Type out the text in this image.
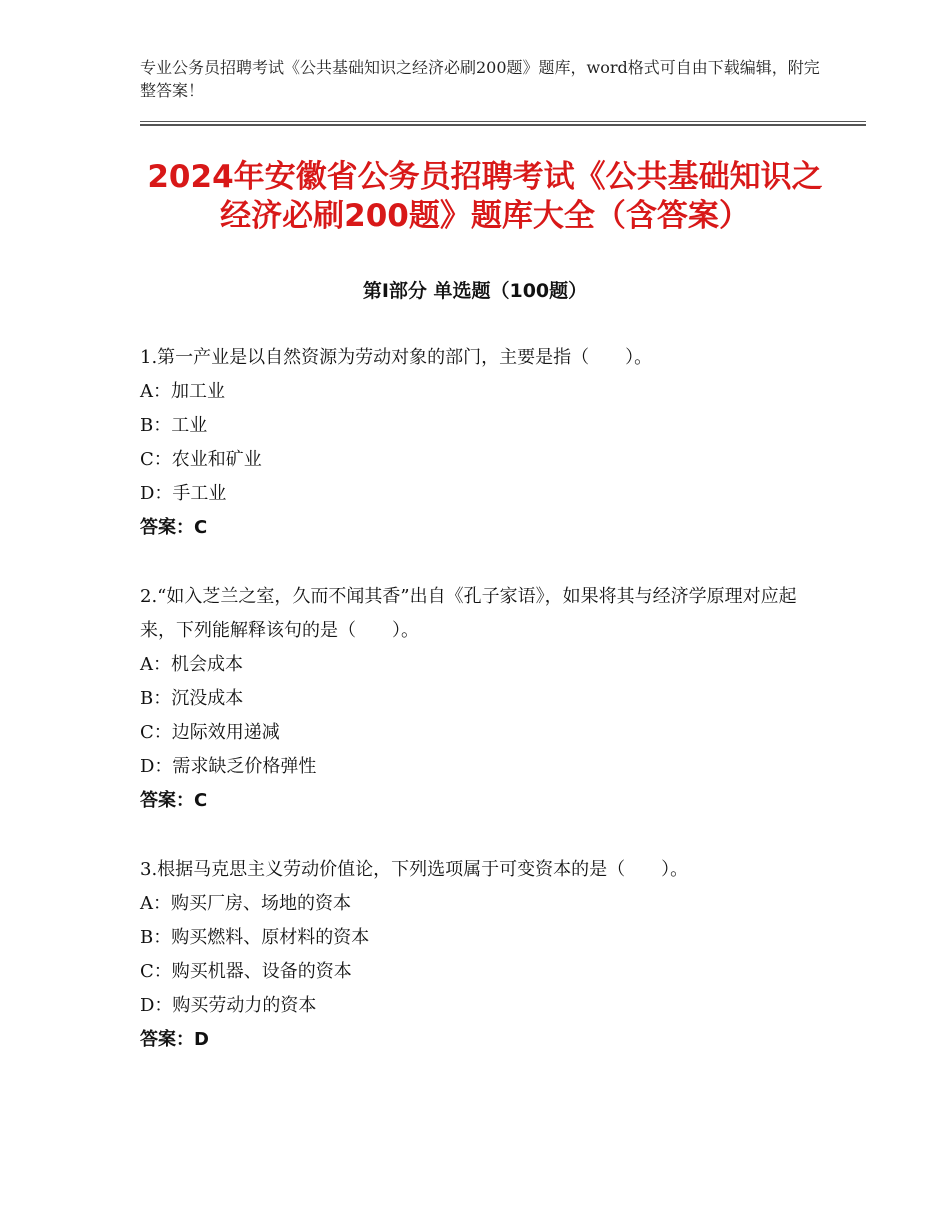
专业公务员招聘考试《公共基础知识之经济必刷200题》题库，word格式可自由下载编辑，附完整答案！
2024年安徽省公务员招聘考试《公共基础知识之经济必刷200题》题库大全（含答案）
第Ⅰ部分 单选题（100题）

1.第一产业是以自然资源为劳动对象的部门，主要是指（　　）。

A：加工业

B：工业

C：农业和矿业

D：手工业

答案：C

2.“如入芝兰之室，久而不闻其香”出自《孔子家语》，如果将其与经济学原理对应起来，下列能解释该句的是（　　）。

A：机会成本

B：沉没成本

C：边际效用递减

D：需求缺乏价格弹性

答案：C

3.根据马克思主义劳动价值论，下列选项属于可变资本的是（　　）。

A：购买厂房、场地的资本

B：购买燃料、原材料的资本

C：购买机器、设备的资本

D：购买劳动力的资本

答案：D
